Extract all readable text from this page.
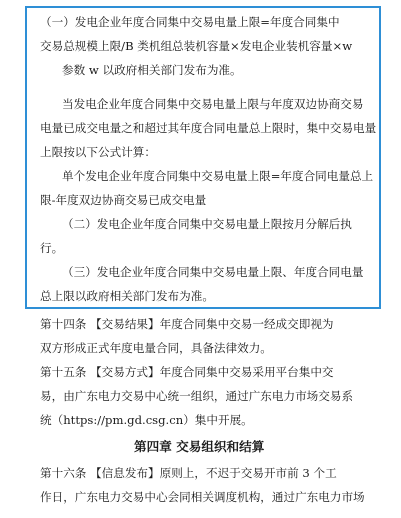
（一）发电企业年度合同集中交易电量上限=年度合同集中
交易总规模上限/B 类机组总装机容量×发电企业装机容量×w
参数 w 以政府相关部门发布为准。
当发电企业年度合同集中交易电量上限与年度双边协商交易
电量已成交电量之和超过其年度合同电量总上限时，集中交易电量
上限按以下公式计算：
单个发电企业年度合同集中交易电量上限=年度合同电量总上
限-年度双边协商交易已成交电量
（二）发电企业年度合同集中交易电量上限按月分解后执
行。
（三）发电企业年度合同集中交易电量上限、年度合同电量
总上限以政府相关部门发布为准。
第十四条 【交易结果】年度合同集中交易一经成交即视为
双方形成正式年度电量合同，具备法律效力。
第十五条 【交易方式】年度合同集中交易采用平台集中交
易，由广东电力交易中心统一组织，通过广东电力市场交易系
统（https://pm.gd.csg.cn）集中开展。
第四章 交易组织和结算
第十六条 【信息发布】原则上，不迟于交易开市前 3 个工
作日，广东电力交易中心会同相关调度机构，通过广东电力市场
